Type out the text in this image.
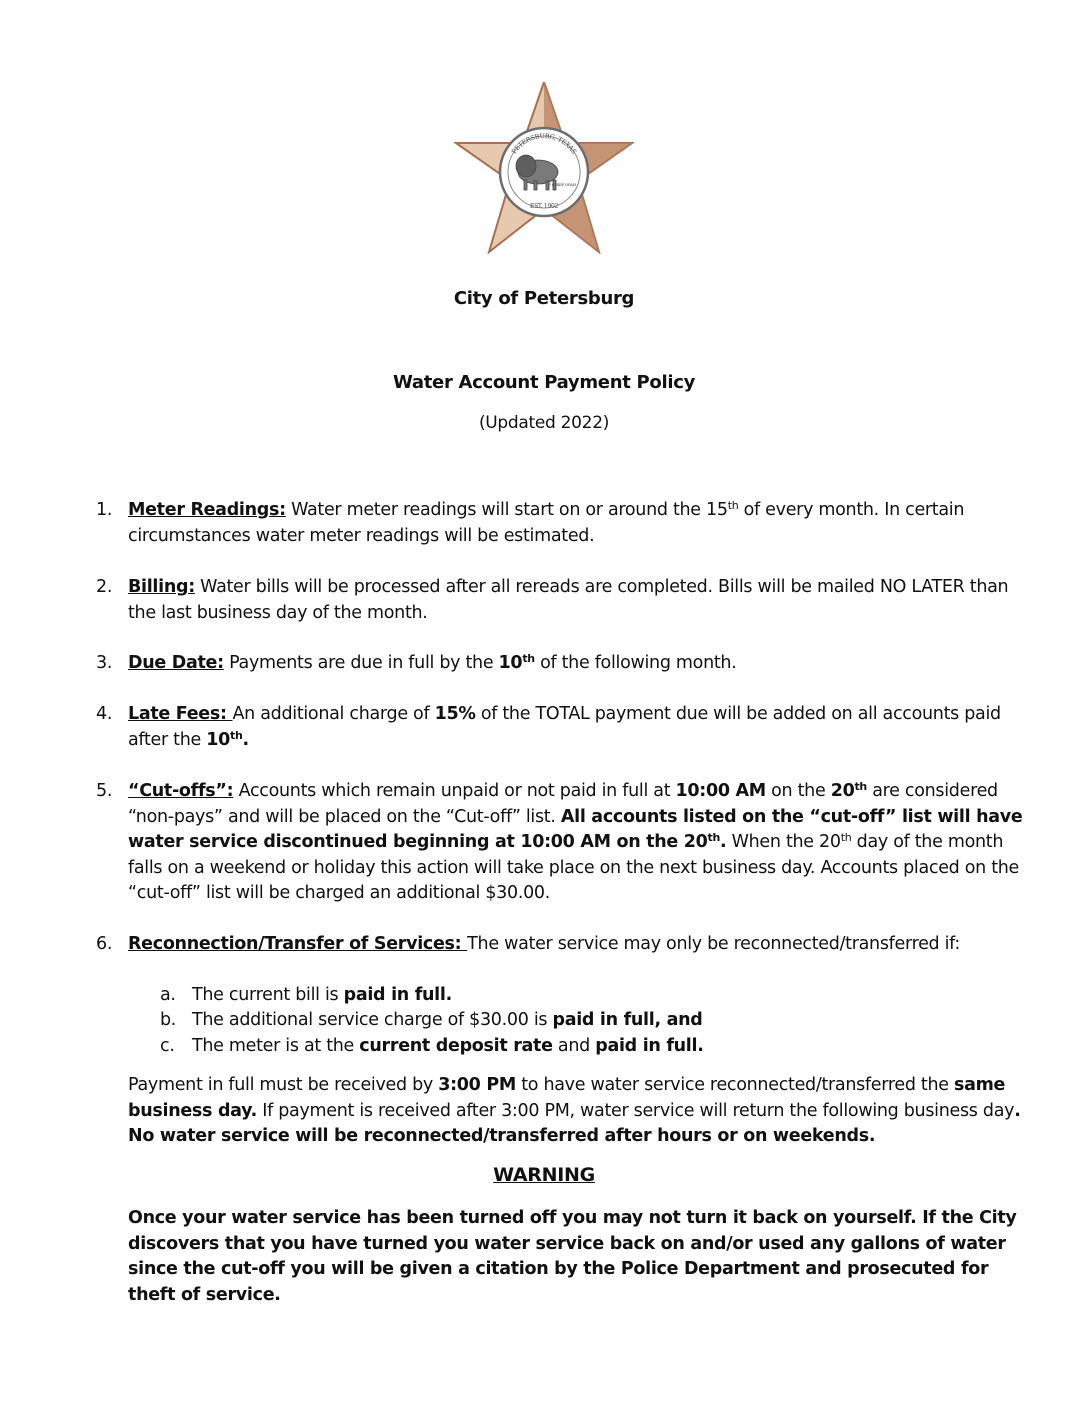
PETERSBURG, TEXAS
P. CHIEF OPAH
EST. 1902
City of Petersburg
Water Account Payment Policy
(Updated 2022)
1. Meter Readings: Water meter readings will start on or around the 15th of every month. In certain circumstances water meter readings will be estimated.
2. Billing: Water bills will be processed after all rereads are completed. Bills will be mailed NO LATER than the last business day of the month.
3. Due Date: Payments are due in full by the 10th of the following month.
4. Late Fees: An additional charge of 15% of the TOTAL payment due will be added on all accounts paid after the 10th.
5. “Cut-offs”: Accounts which remain unpaid or not paid in full at 10:00 AM on the 20th are considered “non-pays” and will be placed on the “Cut-off” list. All accounts listed on the “cut-off” list will have water service discontinued beginning at 10:00 AM on the 20th. When the 20th day of the month falls on a weekend or holiday this action will take place on the next business day. Accounts placed on the “cut-off” list will be charged an additional $30.00.
6. Reconnection/Transfer of Services: The water service may only be reconnected/transferred if:
a. The current bill is paid in full.
b. The additional service charge of $30.00 is paid in full, and
c. The meter is at the current deposit rate and paid in full.
Payment in full must be received by 3:00 PM to have water service reconnected/transferred the same business day. If payment is received after 3:00 PM, water service will return the following business day. No water service will be reconnected/transferred after hours or on weekends.
WARNING
Once your water service has been turned off you may not turn it back on yourself. If the City discovers that you have turned you water service back on and/or used any gallons of water since the cut-off you will be given a citation by the Police Department and prosecuted for theft of service.
